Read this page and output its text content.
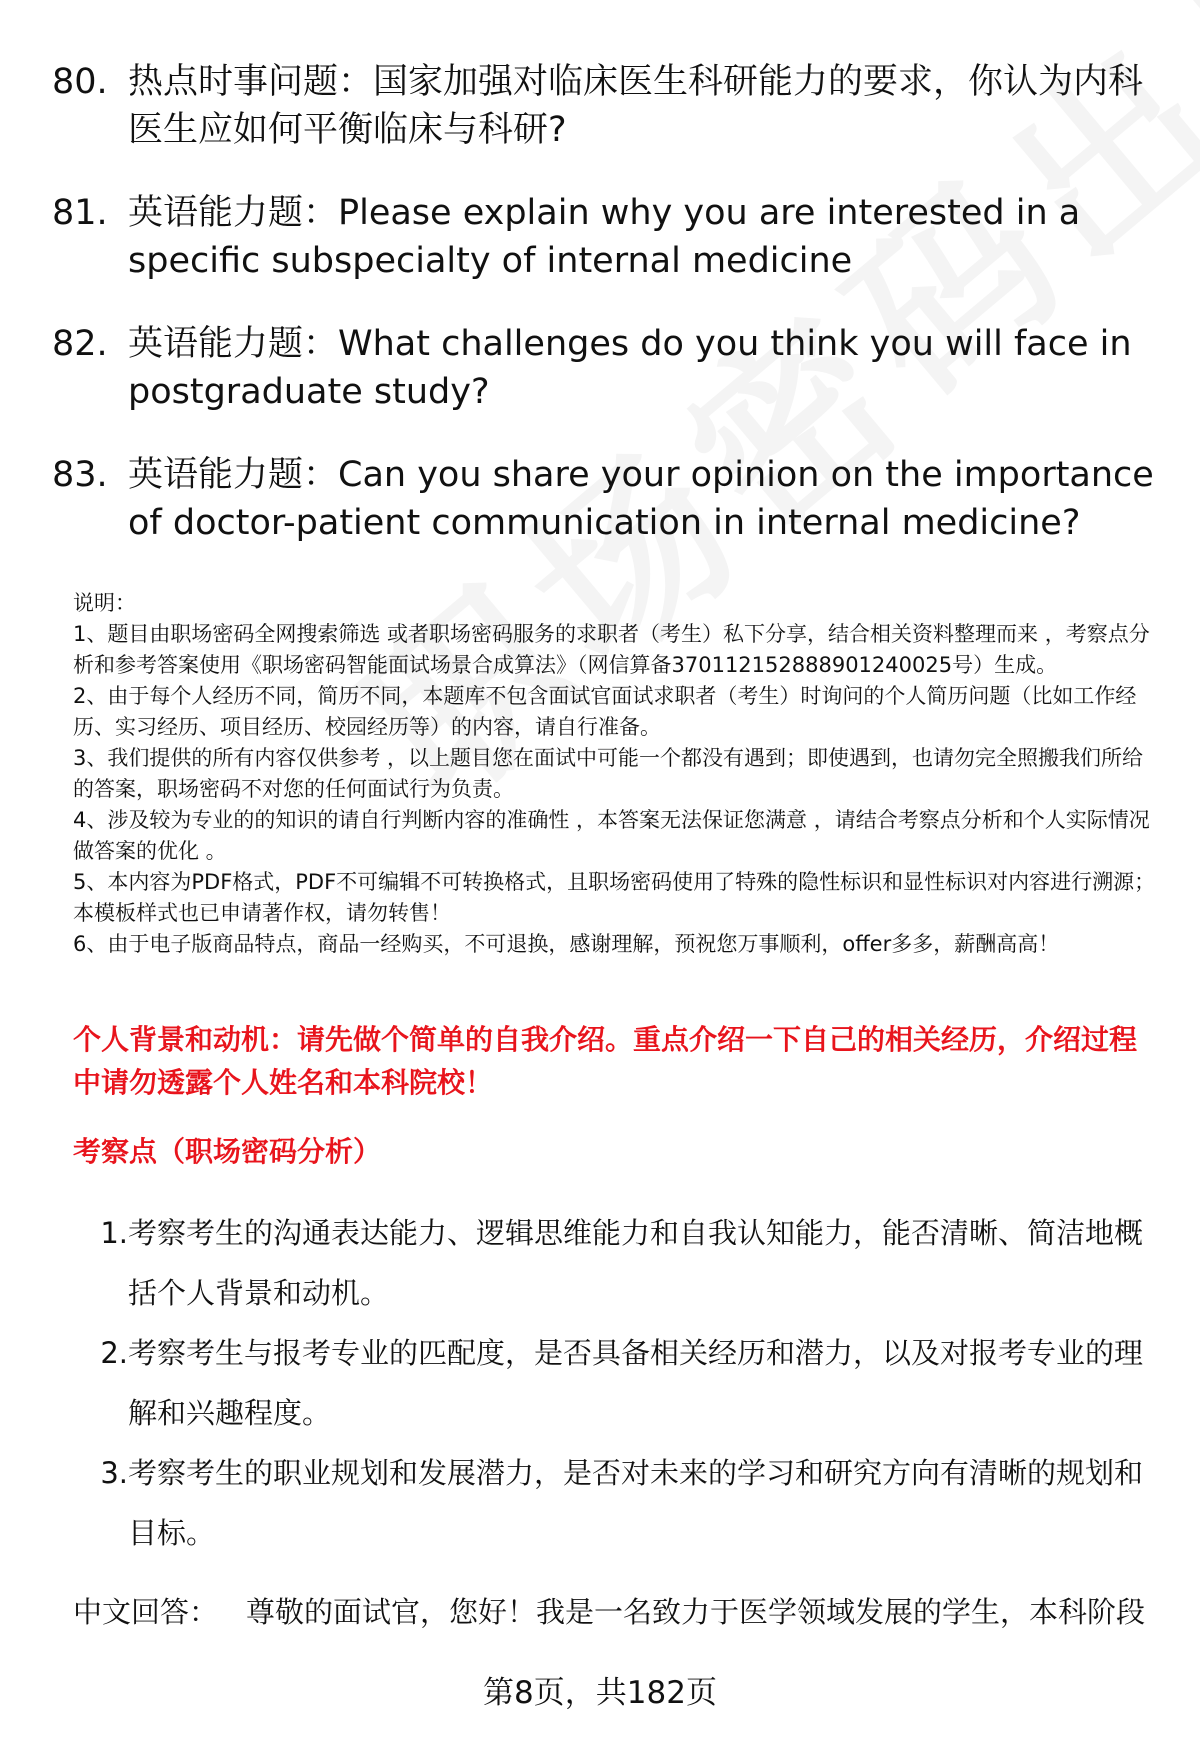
80. 热点时事问题：国家加强对临床医生科研能力的要求，你认为内科医生应如何平衡临床与科研?
81. 英语能力题：Please explain why you are interested in a specific subspecialty of internal medicine
82. 英语能力题：What challenges do you think you will face in postgraduate study?
83. 英语能力题：Can you share your opinion on the importance of doctor-patient communication in internal medicine?

说明：

1、题目由职场密码全网搜索筛选 或者职场密码服务的求职者（考生）私下分享，结合相关资料整理而来 ，考察点分析和参考答案使用《职场密码智能面试场景合成算法》（网信算备370112152888901240025号）生成。

2、由于每个人经历不同，简历不同，本题库不包含面试官面试求职者（考生）时询问的个人简历问题（比如工作经历、实习经历、项目经历、校园经历等）的内容，请自行准备。

3、我们提供的所有内容仅供参考 ，以上题目您在面试中可能一个都没有遇到；即使遇到，也请勿完全照搬我们所给的答案，职场密码不对您的任何面试行为负责。

4、涉及较为专业的的知识的请自行判断内容的准确性 ，本答案无法保证您满意 ，请结合考察点分析和个人实际情况做答案的优化 。

5、本内容为PDF格式，PDF不可编辑不可转换格式，且职场密码使用了特殊的隐性标识和显性标识对内容进行溯源；本模板样式也已申请著作权，请勿转售！

6、由于电子版商品特点，商品一经购买，不可退换，感谢理解，预祝您万事顺利，offer多多，薪酬高高！

个人背景和动机：请先做个简单的自我介绍。重点介绍一下自己的相关经历，介绍过程中请勿透露个人姓名和本科院校！
考察点（职场密码分析）
1. 考察考生的沟通表达能力、逻辑思维能力和自我认知能力，能否清晰、简洁地概括个人背景和动机。
2. 考察考生与报考专业的匹配度，是否具备相关经历和潜力，以及对报考专业的理解和兴趣程度。
3. 考察考生的职业规划和发展潜力，是否对未来的学习和研究方向有清晰的规划和目标。
中文回答： 尊敬的面试官，您好！我是一名致力于医学领域发展的学生，本科阶段
第8页，共182页
